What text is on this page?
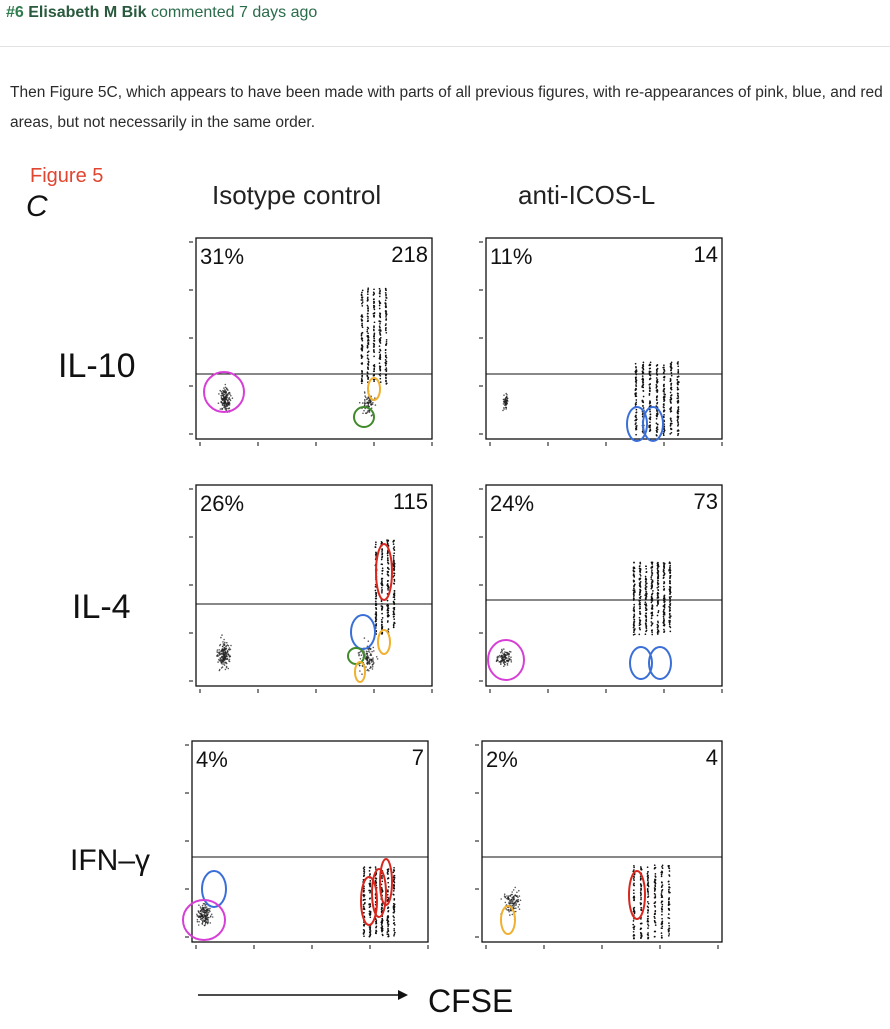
#6 Elisabeth M Bik commented 7 days ago
Then Figure 5C, which appears to have been made with parts of all previous figures, with re-appearances of pink, blue, and red areas, but not necessarily in the same order.
Figure 5
C	Isotype control	anti-ICOS-L
IL-10
IL-4
IFN–γ
31%	218	11%	14
26%	115	24%	73
4%	7	2%	4
CFSE
